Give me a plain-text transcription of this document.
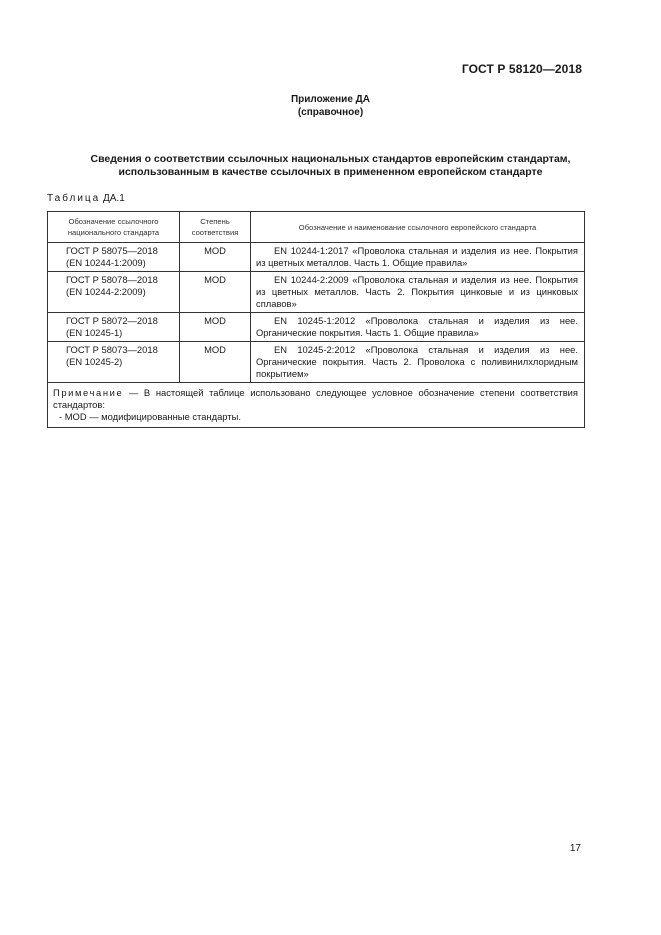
ГОСТ Р 58120—2018
Приложение ДА
(справочное)
Сведения о соответствии ссылочных национальных стандартов европейским стандартам,
использованным в качестве ссылочных в примененном европейском стандарте
Таблица ДА.1
Обозначение ссылочного национального стандарта	Степень соответствия	Обозначение и наименование ссылочного европейского стандарта
ГОСТ Р 58075—2018 (EN 10244-1:2009)	MOD	EN 10244-1:2017 «Проволока стальная и изделия из нее. Покрытия из цветных металлов. Часть 1. Общие правила»
ГОСТ Р 58078—2018 (EN 10244-2:2009)	MOD	EN 10244-2:2009 «Проволока стальная и изделия из нее. Покрытия из цветных металлов. Часть 2. Покрытия цинковые и из цинковых сплавов»
ГОСТ Р 58072—2018 (EN 10245-1)	MOD	EN 10245-1:2012 «Проволока стальная и изделия из нее. Органические покрытия. Часть 1. Общие правила»
ГОСТ Р 58073—2018 (EN 10245-2)	MOD	EN 10245-2:2012 «Проволока стальная и изделия из нее. Органические покрытия. Часть 2. Проволока с поливинилхлоридным покрытием»
Примечание — В настоящей таблице использовано следующее условное обозначение степени соответствия стандартов:
- MOD — модифицированные стандарты.		
17
